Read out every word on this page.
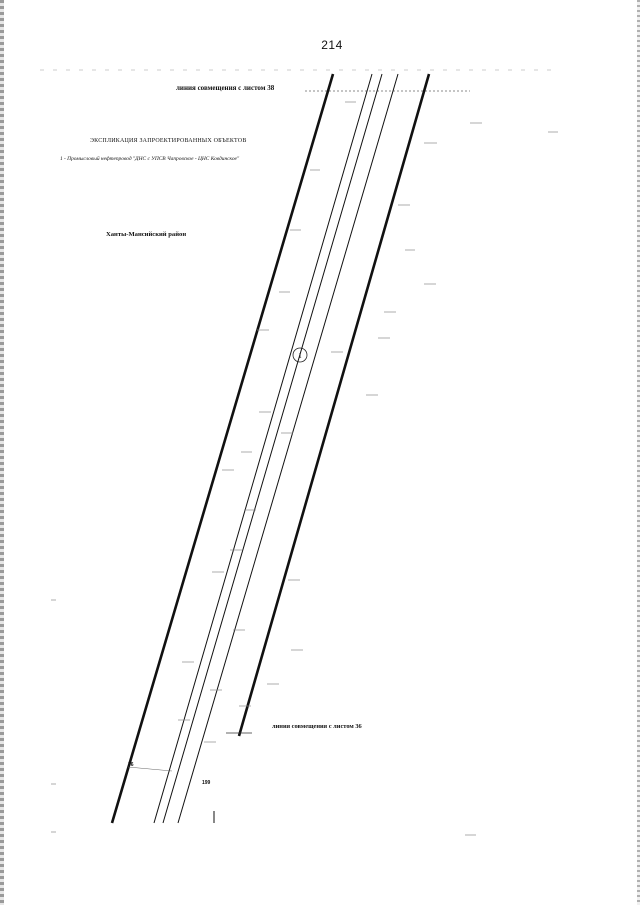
214
1
линия совмещения с листом 38
ЭКСПЛИКАЦИЯ ЗАПРОЕКТИРОВАННЫХ ОБЪЕКТОВ
1 - Промысловый нефтепровод "ДНС с УПСВ Чапровское - ЦНС Ковдинское"
Ханты-Мансийский район
линия совмещения с листом 36
36
199
